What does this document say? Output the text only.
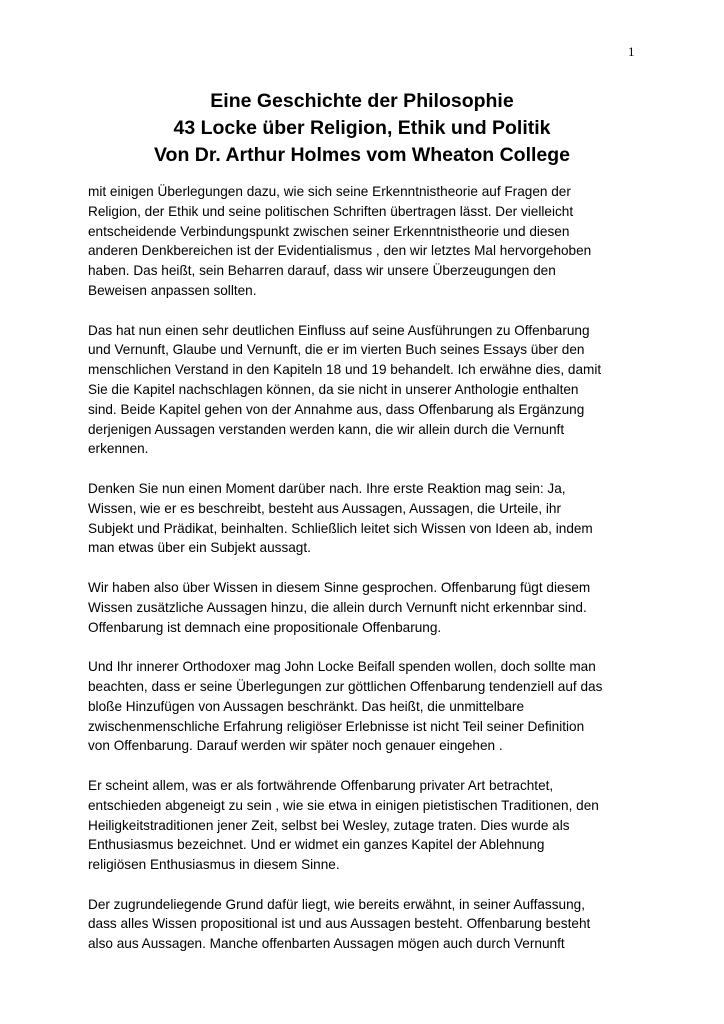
1
Eine Geschichte der Philosophie
43 Locke über Religion, Ethik und Politik
Von Dr. Arthur Holmes vom Wheaton College

mit einigen Überlegungen dazu, wie sich seine Erkenntnistheorie auf Fragen der
Religion, der Ethik und seine politischen Schriften übertragen lässt. Der vielleicht
entscheidende Verbindungspunkt zwischen seiner Erkenntnistheorie und diesen
anderen Denkbereichen ist der Evidentialismus , den wir letztes Mal hervorgehoben
haben. Das heißt, sein Beharren darauf, dass wir unsere Überzeugungen den
Beweisen anpassen sollten.

Das hat nun einen sehr deutlichen Einfluss auf seine Ausführungen zu Offenbarung
und Vernunft, Glaube und Vernunft, die er im vierten Buch seines Essays über den
menschlichen Verstand in den Kapiteln 18 und 19 behandelt. Ich erwähne dies, damit
Sie die Kapitel nachschlagen können, da sie nicht in unserer Anthologie enthalten
sind. Beide Kapitel gehen von der Annahme aus, dass Offenbarung als Ergänzung
derjenigen Aussagen verstanden werden kann, die wir allein durch die Vernunft
erkennen.

Denken Sie nun einen Moment darüber nach. Ihre erste Reaktion mag sein: Ja,
Wissen, wie er es beschreibt, besteht aus Aussagen, Aussagen, die Urteile, ihr
Subjekt und Prädikat, beinhalten. Schließlich leitet sich Wissen von Ideen ab, indem
man etwas über ein Subjekt aussagt.

Wir haben also über Wissen in diesem Sinne gesprochen. Offenbarung fügt diesem
Wissen zusätzliche Aussagen hinzu, die allein durch Vernunft nicht erkennbar sind.
Offenbarung ist demnach eine propositionale Offenbarung.

Und Ihr innerer Orthodoxer mag John Locke Beifall spenden wollen, doch sollte man
beachten, dass er seine Überlegungen zur göttlichen Offenbarung tendenziell auf das
bloße Hinzufügen von Aussagen beschränkt. Das heißt, die unmittelbare
zwischenmenschliche Erfahrung religiöser Erlebnisse ist nicht Teil seiner Definition
von Offenbarung. Darauf werden wir später noch genauer eingehen .

Er scheint allem, was er als fortwährende Offenbarung privater Art betrachtet,
entschieden abgeneigt zu sein , wie sie etwa in einigen pietistischen Traditionen, den
Heiligkeitstraditionen jener Zeit, selbst bei Wesley, zutage traten. Dies wurde als
Enthusiasmus bezeichnet. Und er widmet ein ganzes Kapitel der Ablehnung
religiösen Enthusiasmus in diesem Sinne.

Der zugrundeliegende Grund dafür liegt, wie bereits erwähnt, in seiner Auffassung,
dass alles Wissen propositional ist und aus Aussagen besteht. Offenbarung besteht
also aus Aussagen. Manche offenbarten Aussagen mögen auch durch Vernunft
